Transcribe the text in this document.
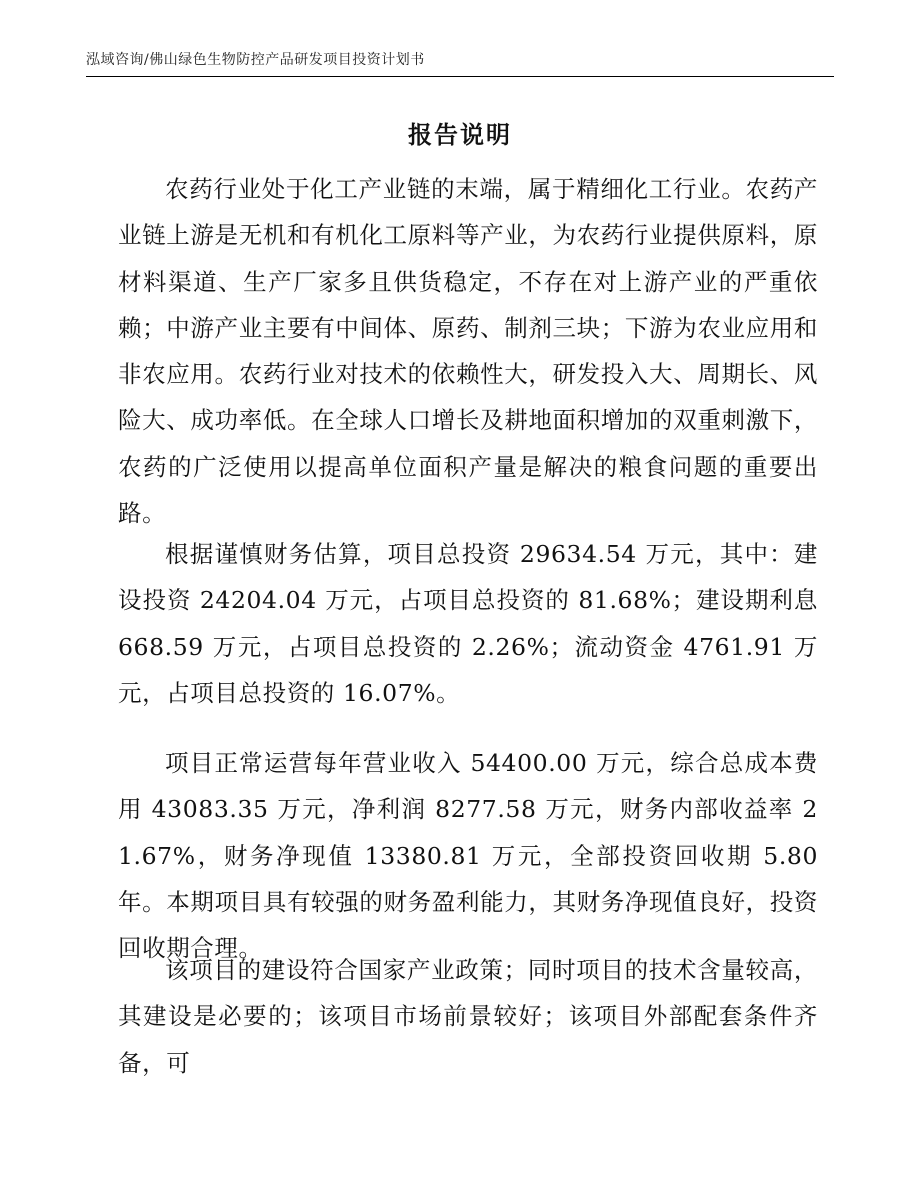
泓域咨询/佛山绿色生物防控产品研发项目投资计划书
报告说明

农药行业处于化工产业链的末端，属于精细化工行业。农药产业链上游是无机和有机化工原料等产业，为农药行业提供原料，原材料渠道、生产厂家多且供货稳定，不存在对上游产业的严重依赖；中游产业主要有中间体、原药、制剂三块；下游为农业应用和非农应用。农药行业对技术的依赖性大，研发投入大、周期长、风险大、成功率低。在全球人口增长及耕地面积增加的双重刺激下，农药的广泛使用以提高单位面积产量是解决的粮食问题的重要出路。

根据谨慎财务估算，项目总投资 29634.54 万元，其中：建设投资 24204.04 万元，占项目总投资的 81.68%；建设期利息 668.59 万元，占项目总投资的 2.26%；流动资金 4761.91 万元，占项目总投资的 16.07%。

项目正常运营每年营业收入 54400.00 万元，综合总成本费用 43083.35 万元，净利润 8277.58 万元，财务内部收益率 21.67%，财务净现值 13380.81 万元，全部投资回收期 5.80 年。本期项目具有较强的财务盈利能力，其财务净现值良好，投资回收期合理。

该项目的建设符合国家产业政策；同时项目的技术含量较高，其建设是必要的；该项目市场前景较好；该项目外部配套条件齐备，可
